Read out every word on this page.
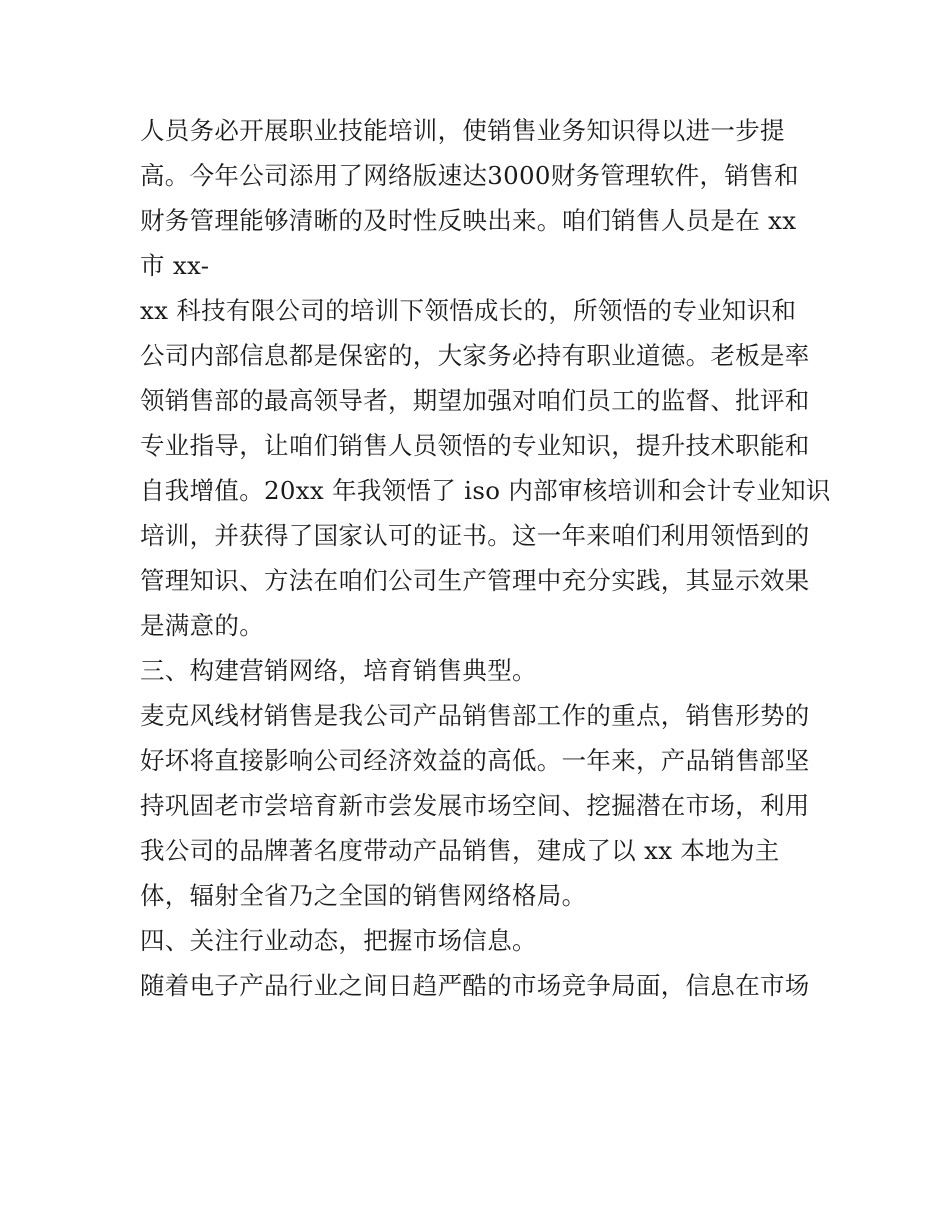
人员务必开展职业技能培训，使销售业务知识得以进一步提
高。今年公司添用了网络版速达3000财务管理软件，销售和
财务管理能够清晰的及时性反映出来。咱们销售人员是在 xx
市 xx-
xx 科技有限公司的培训下领悟成长的，所领悟的专业知识和
公司内部信息都是保密的，大家务必持有职业道德。老板是率
领销售部的最高领导者，期望加强对咱们员工的监督、批评和
专业指导，让咱们销售人员领悟的专业知识，提升技术职能和
自我增值。20xx 年我领悟了 iso 内部审核培训和会计专业知识
培训，并获得了国家认可的证书。这一年来咱们利用领悟到的
管理知识、方法在咱们公司生产管理中充分实践，其显示效果
是满意的。
三、构建营销网络，培育销售典型。
麦克风线材销售是我公司产品销售部工作的重点，销售形势的
好坏将直接影响公司经济效益的高低。一年来，产品销售部坚
持巩固老市尝培育新市尝发展市场空间、挖掘潜在市场，利用
我公司的品牌著名度带动产品销售，建成了以 xx 本地为主
体，辐射全省乃之全国的销售网络格局。
四、关注行业动态，把握市场信息。
随着电子产品行业之间日趋严酷的市场竞争局面，信息在市场
